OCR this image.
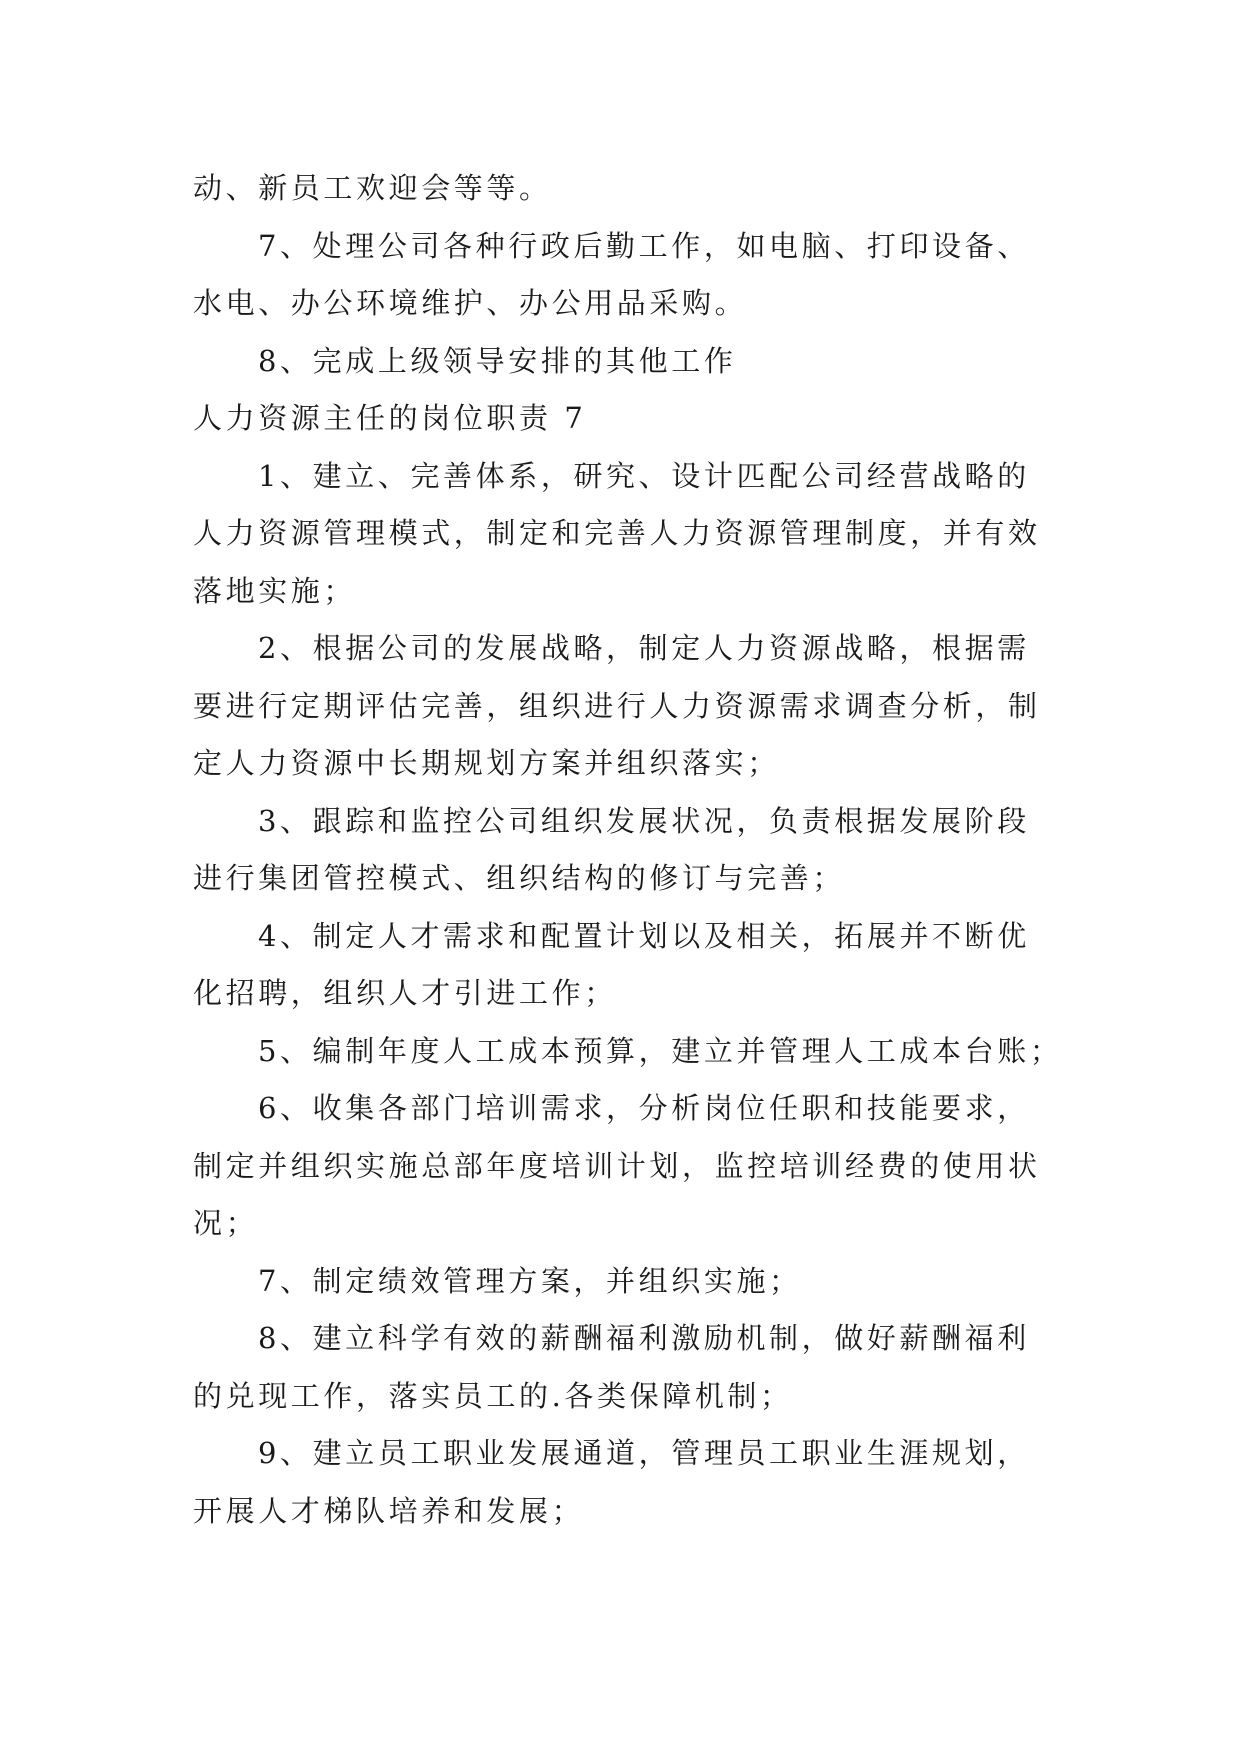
动、新员工欢迎会等等。

7、处理公司各种行政后勤工作，如电脑、打印设备、

水电、办公环境维护、办公用品采购。

8、完成上级领导安排的其他工作

人力资源主任的岗位职责 7

1、建立、完善体系，研究、设计匹配公司经营战略的

人力资源管理模式，制定和完善人力资源管理制度，并有效

落地实施；

2、根据公司的发展战略，制定人力资源战略，根据需

要进行定期评估完善，组织进行人力资源需求调查分析，制

定人力资源中长期规划方案并组织落实；

3、跟踪和监控公司组织发展状况，负责根据发展阶段

进行集团管控模式、组织结构的修订与完善；

4、制定人才需求和配置计划以及相关，拓展并不断优

化招聘，组织人才引进工作；

5、编制年度人工成本预算，建立并管理人工成本台账；

6、收集各部门培训需求，分析岗位任职和技能要求，

制定并组织实施总部年度培训计划，监控培训经费的使用状

况；

7、制定绩效管理方案，并组织实施；

8、建立科学有效的薪酬福利激励机制，做好薪酬福利

的兑现工作，落实员工的.各类保障机制；

9、建立员工职业发展通道，管理员工职业生涯规划，

开展人才梯队培养和发展；
